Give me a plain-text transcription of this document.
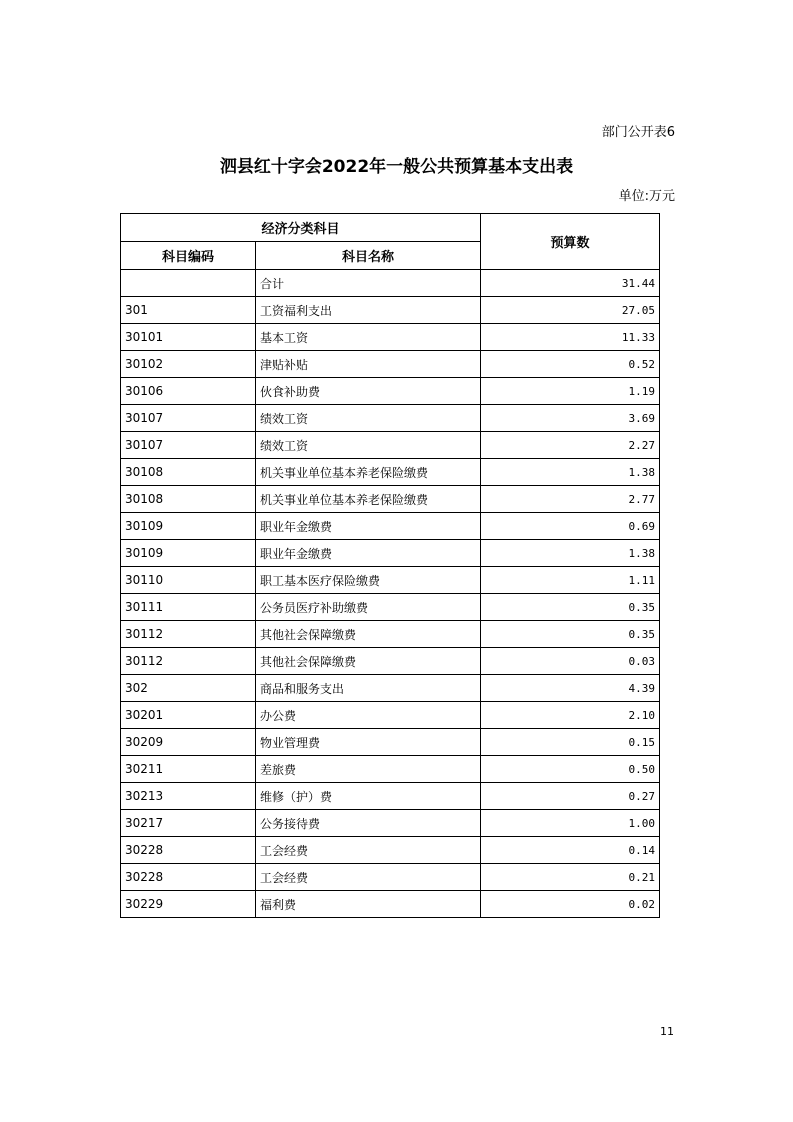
部门公开表6
泗县红十字会2022年一般公共预算基本支出表
单位:万元
经济分类科目		预算数
科目编码	科目名称	
	合计	31.44
301	工资福利支出	27.05
30101	基本工资	11.33
30102	津贴补贴	0.52
30106	伙食补助费	1.19
30107	绩效工资	3.69
30107	绩效工资	2.27
30108	机关事业单位基本养老保险缴费	1.38
30108	机关事业单位基本养老保险缴费	2.77
30109	职业年金缴费	0.69
30109	职业年金缴费	1.38
30110	职工基本医疗保险缴费	1.11
30111	公务员医疗补助缴费	0.35
30112	其他社会保障缴费	0.35
30112	其他社会保障缴费	0.03
302	商品和服务支出	4.39
30201	办公费	2.10
30209	物业管理费	0.15
30211	差旅费	0.50
30213	维修（护）费	0.27
30217	公务接待费	1.00
30228	工会经费	0.14
30228	工会经费	0.21
30229	福利费	0.02
11
